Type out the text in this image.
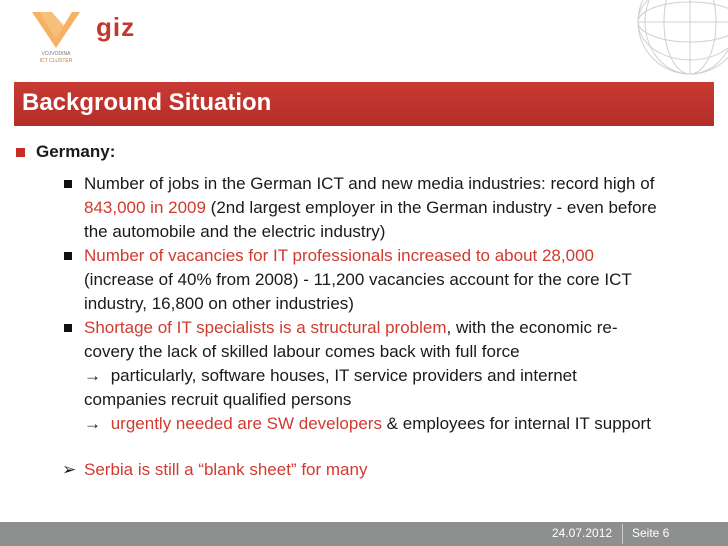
VOJVODINA
ICT CLUSTER
giz
Background Situation
Germany:
Number of jobs in the German ICT and new media industries: record high of
843,000 in 2009 (2nd largest employer in the German industry - even before
the automobile and the electric industry)
Number of vacancies for IT professionals increased to about 28,000
(increase of 40% from 2008) - 11,200 vacancies account for the core ICT
industry, 16,800 on other industries)
Shortage of IT specialists is a structural problem, with the economic re-
covery the lack of skilled labour comes back with full force
→ particularly, software houses, IT service providers and internet
companies recruit qualified persons
→ urgently needed are SW developers & employees for internal IT support
➢ Serbia is still a “blank sheet” for many
24.07.2012 Seite 6
